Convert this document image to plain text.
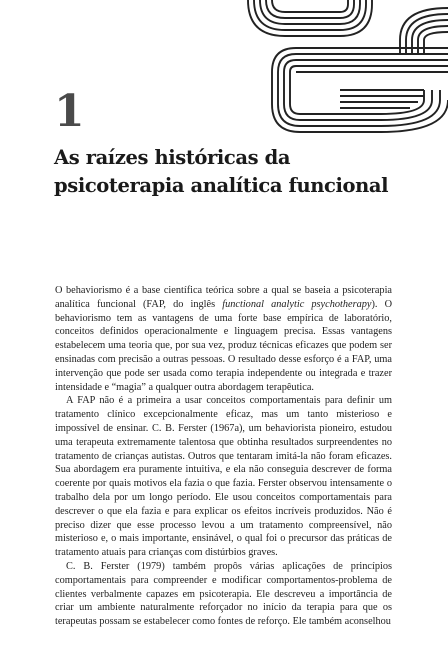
1
As raízes históricas da
psicoterapia analítica funcional

O behaviorismo é a base científica teórica sobre a qual se baseia a psicoterapia analítica funcional (FAP, do inglês functional analytic psychotherapy). O behaviorismo tem as vantagens de uma forte base empírica de laboratório, conceitos definidos operacionalmente e linguagem precisa. Essas vantagens estabelecem uma teoria que, por sua vez, produz técnicas eficazes que podem ser ensinadas com precisão a outras pessoas. O resultado desse esforço é a FAP, uma intervenção que pode ser usada como terapia independente ou integrada e trazer intensidade e “magia” a qualquer outra abordagem terapêutica.

A FAP não é a primeira a usar conceitos comportamentais para definir um tratamento clínico excepcionalmente eficaz, mas um tanto misterioso e impossível de ensinar. C. B. Ferster (1967a), um behaviorista pioneiro, estudou uma terapeuta extremamente talentosa que obtinha resultados surpreendentes no tratamento de crianças autistas. Outros que tentaram imitá-la não foram eficazes. Sua abordagem era puramente intuitiva, e ela não conseguia descrever de forma coerente por quais motivos ela fazia o que fazia. Ferster observou intensamente o trabalho dela por um longo período. Ele usou conceitos comportamentais para descrever o que ela fazia e para explicar os efeitos incríveis produzidos. Não é preciso dizer que esse processo levou a um tratamento compreensível, não misterioso e, o mais importante, ensinável, o qual foi o precursor das práticas de tratamento atuais para crianças com distúrbios graves.

C. B. Ferster (1979) também propôs várias aplicações de princípios comportamentais para compreender e modificar comportamentos-problema de clientes verbalmente capazes em psicoterapia. Ele descreveu a importância de criar um ambiente naturalmente reforçador no início da terapia para que os terapeutas possam se estabelecer como fontes de reforço. Ele também aconselhou
